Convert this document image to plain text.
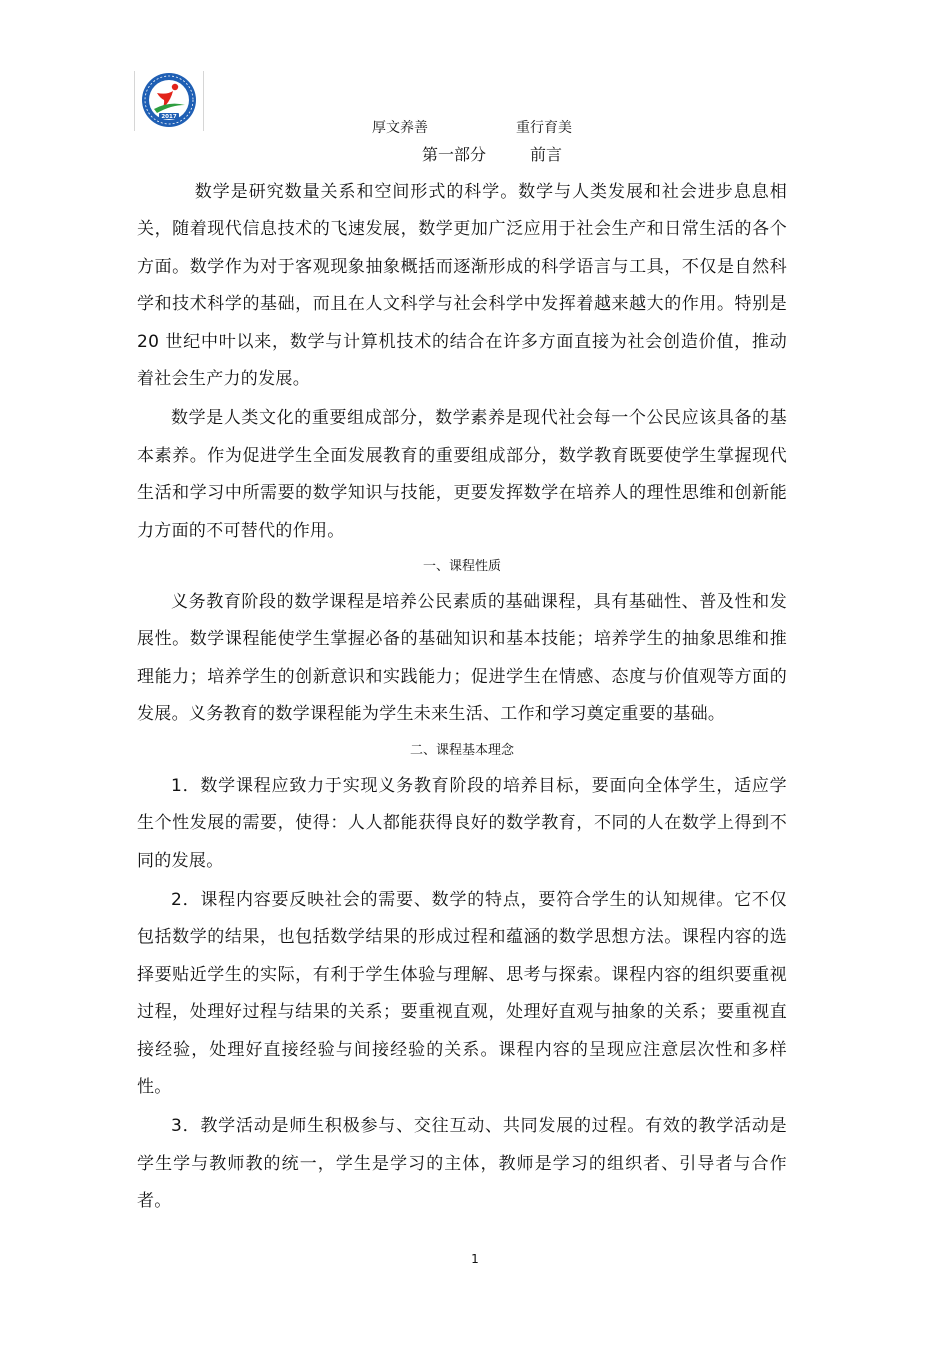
2017
厚文养善	重行育美
第一部分	前言

数学是研究数量关系和空间形式的科学。数学与人类发展和社会进步息息相关，随着现代信息技术的飞速发展，数学更加广泛应用于社会生产和日常生活的各个方面。数学作为对于客观现象抽象概括而逐渐形成的科学语言与工具，不仅是自然科学和技术科学的基础，而且在人文科学与社会科学中发挥着越来越大的作用。特别是 20 世纪中叶以来，数学与计算机技术的结合在许多方面直接为社会创造价值，推动着社会生产力的发展。

数学是人类文化的重要组成部分，数学素养是现代社会每一个公民应该具备的基本素养。作为促进学生全面发展教育的重要组成部分，数学教育既要使学生掌握现代生活和学习中所需要的数学知识与技能，更要发挥数学在培养人的理性思维和创新能力方面的不可替代的作用。

一、课程性质

义务教育阶段的数学课程是培养公民素质的基础课程，具有基础性、普及性和发展性。数学课程能使学生掌握必备的基础知识和基本技能；培养学生的抽象思维和推理能力；培养学生的创新意识和实践能力；促进学生在情感、态度与价值观等方面的发展。义务教育的数学课程能为学生未来生活、工作和学习奠定重要的基础。

二、课程基本理念

1．数学课程应致力于实现义务教育阶段的培养目标，要面向全体学生，适应学生个性发展的需要，使得：人人都能获得良好的数学教育，不同的人在数学上得到不同的发展。

2．课程内容要反映社会的需要、数学的特点，要符合学生的认知规律。它不仅包括数学的结果，也包括数学结果的形成过程和蕴涵的数学思想方法。课程内容的选择要贴近学生的实际，有利于学生体验与理解、思考与探索。课程内容的组织要重视过程，处理好过程与结果的关系；要重视直观，处理好直观与抽象的关系；要重视直接经验，处理好直接经验与间接经验的关系。课程内容的呈现应注意层次性和多样性。

3．教学活动是师生积极参与、交往互动、共同发展的过程。有效的教学活动是学生学与教师教的统一，学生是学习的主体，教师是学习的组织者、引导者与合作者。

1
